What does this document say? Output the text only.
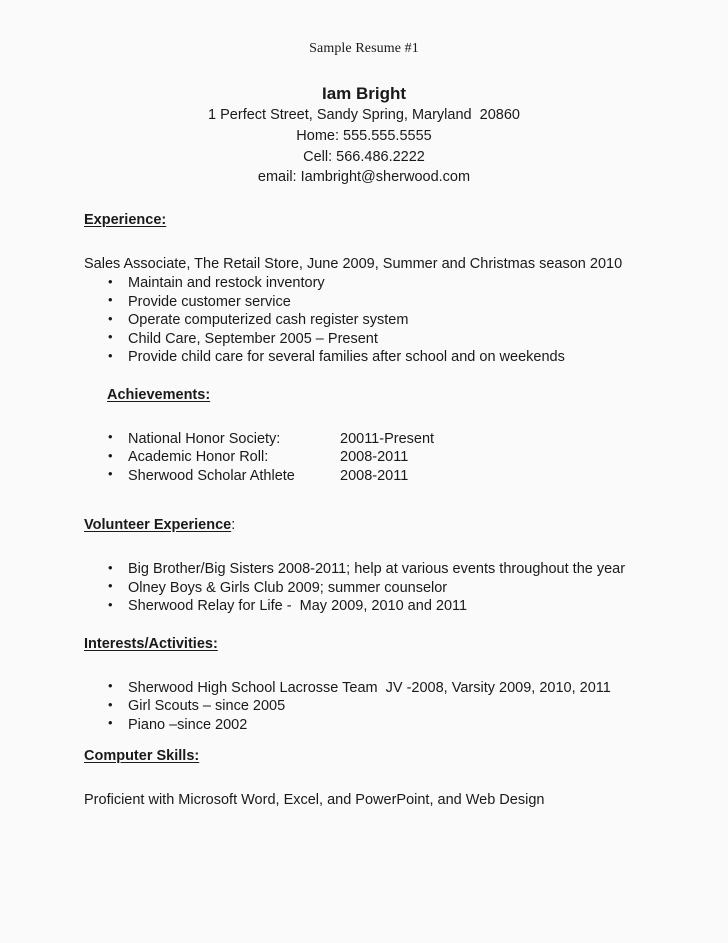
Sample Resume #1
Iam Bright
1 Perfect Street, Sandy Spring, Maryland  20860
Home: 555.555.5555
Cell: 566.486.2222
email: Iambright@sherwood.com
Experience:
Sales Associate, The Retail Store, June 2009, Summer and Christmas season 2010
• Maintain and restock inventory
• Provide customer service
• Operate computerized cash register system
• Child Care, September 2005 – Present
• Provide child care for several families after school and on weekends
Achievements:
• National Honor Society:	20011-Present
• Academic Honor Roll:	2008-2011
• Sherwood Scholar Athlete	2008-2011
Volunteer Experience:
• Big Brother/Big Sisters 2008-2011; help at various events throughout the year
• Olney Boys & Girls Club 2009; summer counselor
• Sherwood Relay for Life -  May 2009, 2010 and 2011
Interests/Activities:
• Sherwood High School Lacrosse Team  JV -2008, Varsity 2009, 2010, 2011
• Girl Scouts – since 2005
• Piano –since 2002
Computer Skills:
Proficient with Microsoft Word, Excel, and PowerPoint, and Web Design
